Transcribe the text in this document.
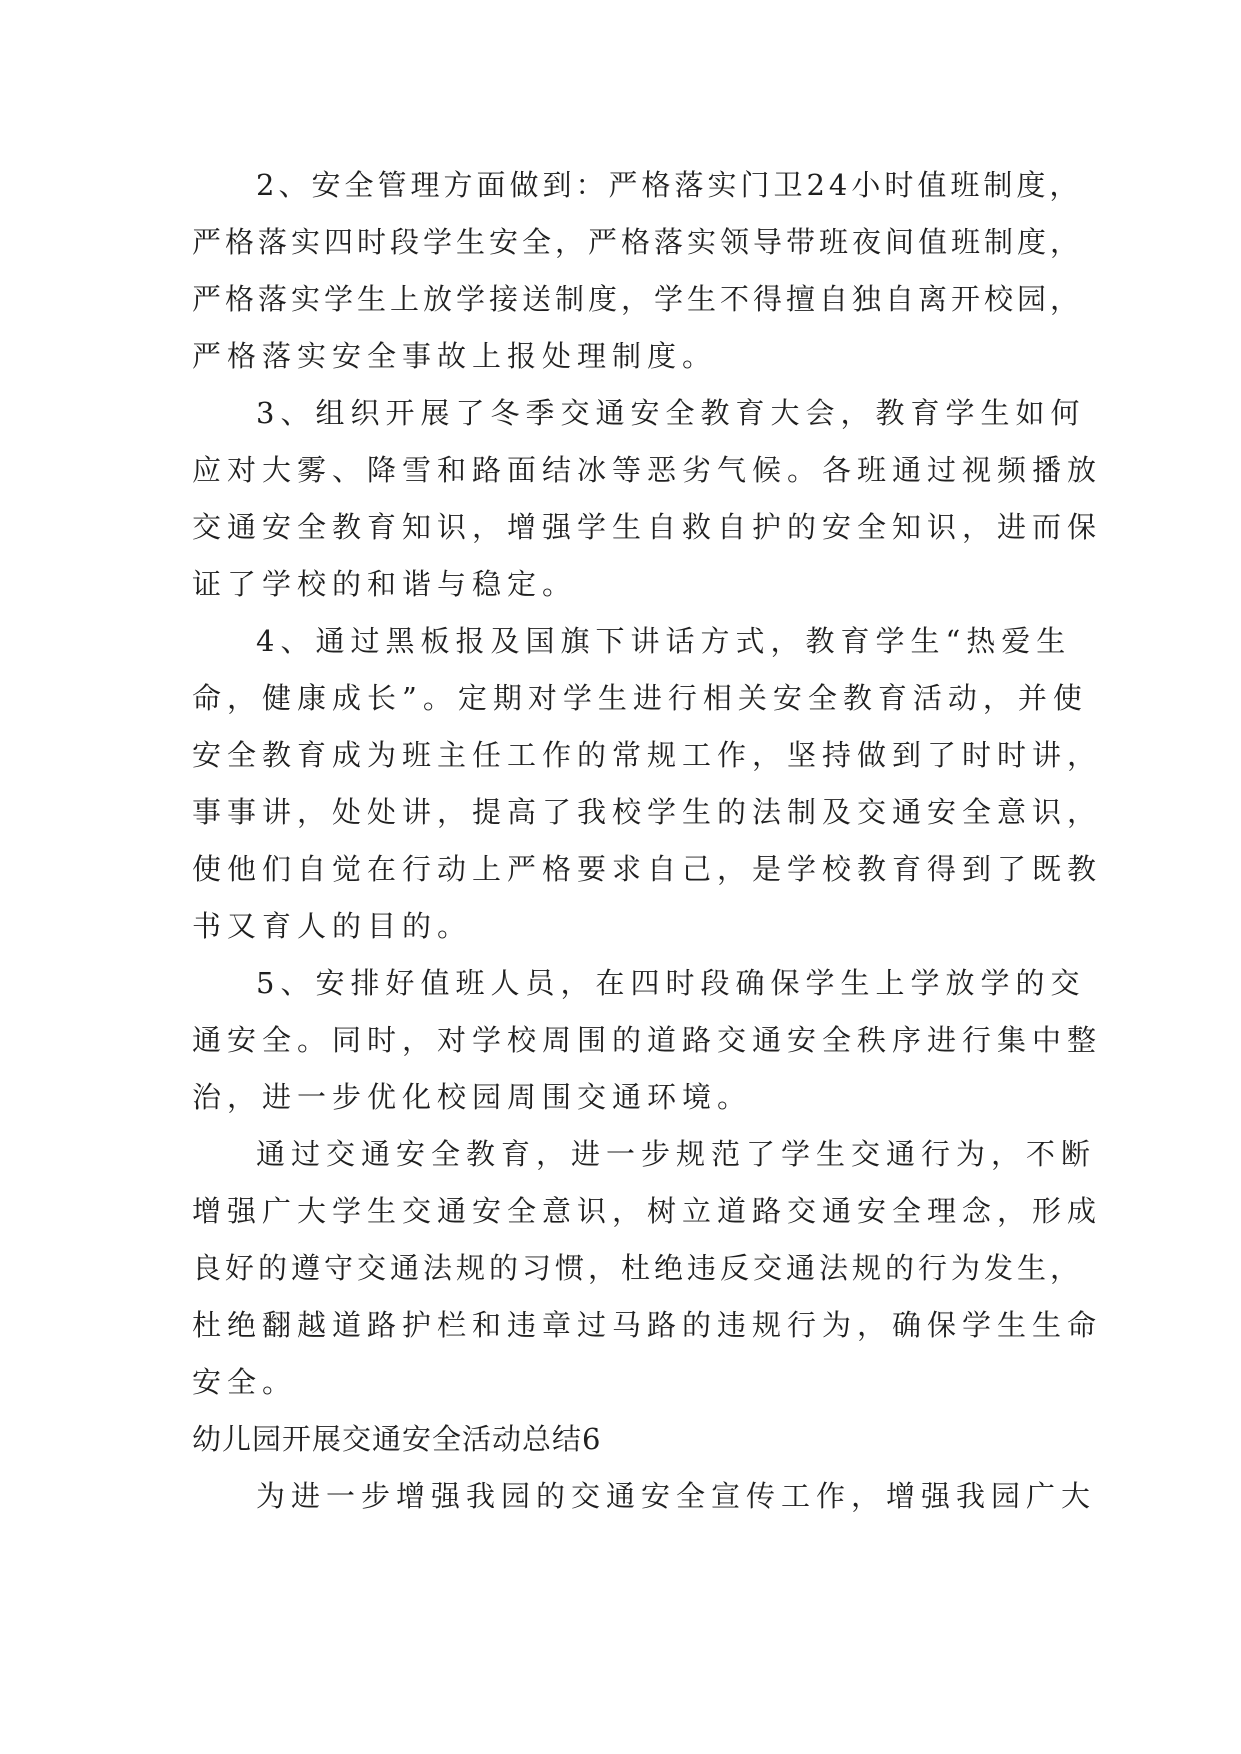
2、安全管理方面做到：严格落实门卫24小时值班制度，
严格落实四时段学生安全，严格落实领导带班夜间值班制度，
严格落实学生上放学接送制度，学生不得擅自独自离开校园，
严格落实安全事故上报处理制度。
3、组织开展了冬季交通安全教育大会，教育学生如何
应对大雾、降雪和路面结冰等恶劣气候。各班通过视频播放
交通安全教育知识，增强学生自救自护的安全知识，进而保
证了学校的和谐与稳定。
4、通过黑板报及国旗下讲话方式，教育学生“热爱生
命，健康成长”。定期对学生进行相关安全教育活动，并使
安全教育成为班主任工作的常规工作，坚持做到了时时讲，
事事讲，处处讲，提高了我校学生的法制及交通安全意识，
使他们自觉在行动上严格要求自己，是学校教育得到了既教
书又育人的目的。
5、安排好值班人员，在四时段确保学生上学放学的交
通安全。同时，对学校周围的道路交通安全秩序进行集中整
治，进一步优化校园周围交通环境。
通过交通安全教育，进一步规范了学生交通行为，不断
增强广大学生交通安全意识，树立道路交通安全理念，形成
良好的遵守交通法规的习惯，杜绝违反交通法规的行为发生，
杜绝翻越道路护栏和违章过马路的违规行为，确保学生生命
安全。
幼儿园开展交通安全活动总结6
为进一步增强我园的交通安全宣传工作，增强我园广大
